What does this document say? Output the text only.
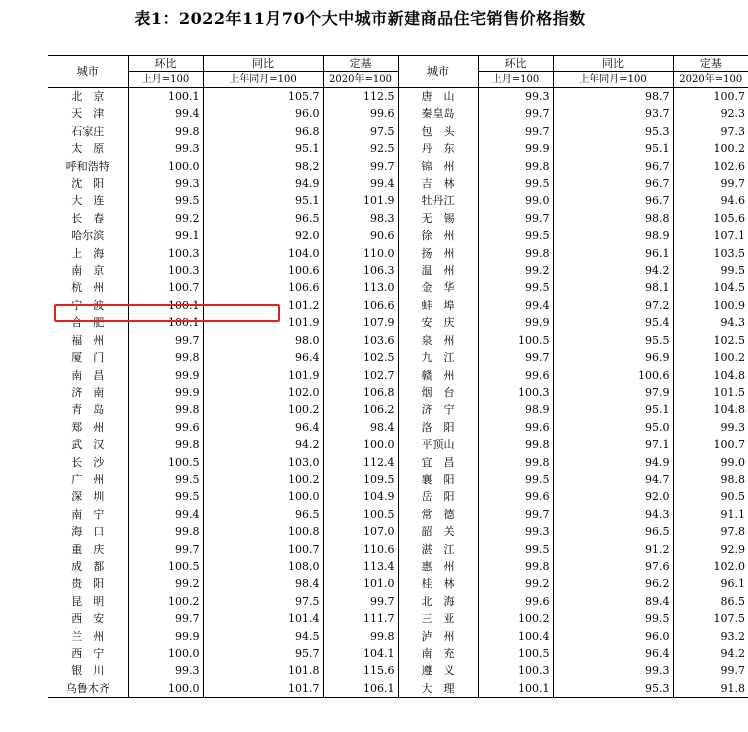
表1：2022年11月70个大中城市新建商品住宅销售价格指数
城市	环比	同比	定基	城市	环比	同比	定基
	上月=100	上年同月=100	2020年=100		上月=100	上年同月=100	2020年=100
北　京	100.1	105.7	112.5	唐　山	99.3	98.7	100.7
天　津	99.4	96.0	99.6	秦皇岛	99.7	93.7	92.3
石家庄	99.8	96.8	97.5	包　头	99.7	95.3	97.3
太　原	99.3	95.1	92.5	丹　东	99.9	95.1	100.2
呼和浩特	100.0	98.2	99.7	锦　州	99.8	96.7	102.6
沈　阳	99.3	94.9	99.4	吉　林	99.5	96.7	99.7
大　连	99.5	95.1	101.9	牡丹江	99.0	96.7	94.6
长　春	99.2	96.5	98.3	无　锡	99.7	98.8	105.6
哈尔滨	99.1	92.0	90.6	徐　州	99.5	98.9	107.1
上　海	100.3	104.0	110.0	扬　州	99.8	96.1	103.5
南　京	100.3	100.6	106.3	温　州	99.2	94.2	99.5
杭　州	100.7	106.6	113.0	金　华	99.5	98.1	104.5
宁　波	100.1	101.2	106.6	蚌　埠	99.4	97.2	100.9
合　肥	100.1	101.9	107.9	安　庆	99.9	95.4	94.3
福　州	99.7	98.0	103.6	泉　州	100.5	95.5	102.5
厦　门	99.8	96.4	102.5	九　江	99.7	96.9	100.2
南　昌	99.9	101.9	102.7	赣　州	99.6	100.6	104.8
济　南	99.9	102.0	106.8	烟　台	100.3	97.9	101.5
青　岛	99.8	100.2	106.2	济　宁	98.9	95.1	104.8
郑　州	99.6	96.4	98.4	洛　阳	99.6	95.0	99.3
武　汉	99.8	94.2	100.0	平顶山	99.8	97.1	100.7
长　沙	100.5	103.0	112.4	宜　昌	99.8	94.9	99.0
广　州	99.5	100.2	109.5	襄　阳	99.5	94.7	98.8
深　圳	99.5	100.0	104.9	岳　阳	99.6	92.0	90.5
南　宁	99.4	96.5	100.5	常　德	99.7	94.3	91.1
海　口	99.8	100.8	107.0	韶　关	99.3	96.5	97.8
重　庆	99.7	100.7	110.6	湛　江	99.5	91.2	92.9
成　都	100.5	108.0	113.4	惠　州	99.8	97.6	102.0
贵　阳	99.2	98.4	101.0	桂　林	99.2	96.2	96.1
昆　明	100.2	97.5	99.7	北　海	99.6	89.4	86.5
西　安	99.7	101.4	111.7	三　亚	100.2	99.5	107.5
兰　州	99.9	94.5	99.8	泸　州	100.4	96.0	93.2
西　宁	100.0	95.7	104.1	南　充	100.5	96.4	94.2
银　川	99.3	101.8	115.6	遵　义	100.3	99.3	99.7
乌鲁木齐	100.0	101.7	106.1	大　理	100.1	95.3	91.8
